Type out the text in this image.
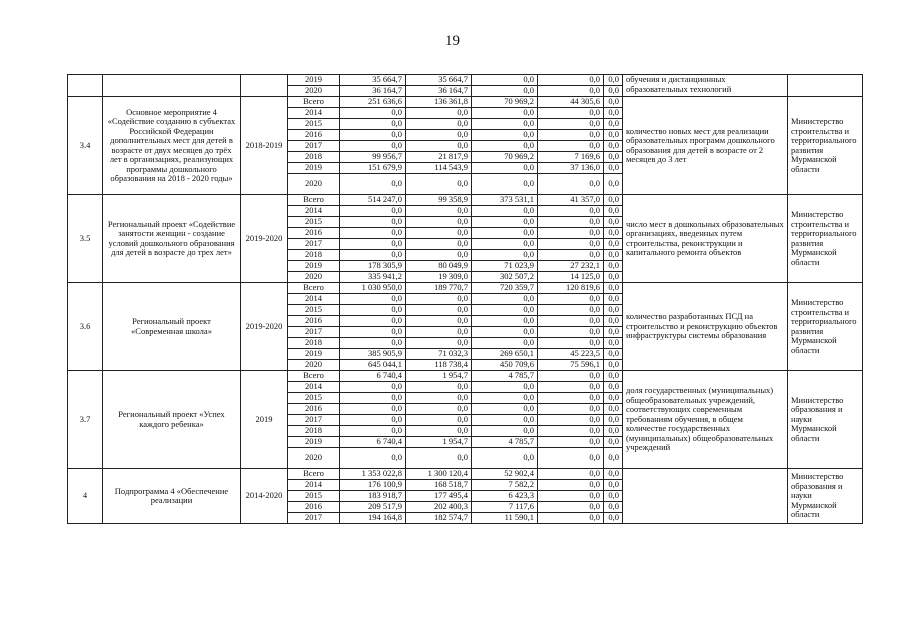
19
			2019	35 664,7	35 664,7	0,0	0,0	0,0	обучения и дистанционных образовательных технологий	
			2020	36 164,7	36 164,7	0,0	0,0	0,0		
3.4	Основное мероприятие 4 «Содействие созданию в субъектах Российской Федерации дополнительных мест для детей в возрасте от двух месяцев до трёх лет в организациях, реализующих программы дошкольного образования на 2018 - 2020 годы»	2018-2019	Всего	251 636,6	136 361,8	70 969,2	44 305,6	0,0	количество новых мест для реализации образовательных программ дошкольного образования для детей в возрасте от 2 месяцев до 3 лет	Министерство строительства и территориального развития Мурманской области
			2014	0,0	0,0	0,0	0,0	0,0		
			2015	0,0	0,0	0,0	0,0	0,0		
			2016	0,0	0,0	0,0	0,0	0,0		
			2017	0,0	0,0	0,0	0,0	0,0		
			2018	99 956,7	21 817,9	70 969,2	7 169,6	0,0		
			2019	151 679,9	114 543,9	0,0	37 136,0	0,0		
			2020	0,0	0,0	0,0	0,0	0,0		
3.5	Региональный проект «Содействие занятости женщин - создание условий дошкольного образования для детей в возрасте до трех лет»	2019-2020	Всего	514 247,0	99 358,9	373 531,1	41 357,0	0,0	число мест в дошкольных образовательных организациях, введенных путем строительства, реконструкции и капитального ремонта объектов	Министерство строительства и территориального развития Мурманской области
			2014	0,0	0,0	0,0	0,0	0,0		
			2015	0,0	0,0	0,0	0,0	0,0		
			2016	0,0	0,0	0,0	0,0	0,0		
			2017	0,0	0,0	0,0	0,0	0,0		
			2018	0,0	0,0	0,0	0,0	0,0		
			2019	178 305,9	80 049,9	71 023,9	27 232,1	0,0		
			2020	335 941,2	19 309,0	302 507,2	14 125,0	0,0		
3.6	Региональный проект «Современная школа»	2019-2020	Всего	1 030 950,0	189 770,7	720 359,7	120 819,6	0,0	количество разработанных ПСД на строительство и реконструкцию объектов инфраструктуры системы образования	Министерство строительства и территориального развития Мурманской области
			2014	0,0	0,0	0,0	0,0	0,0		
			2015	0,0	0,0	0,0	0,0	0,0		
			2016	0,0	0,0	0,0	0,0	0,0		
			2017	0,0	0,0	0,0	0,0	0,0		
			2018	0,0	0,0	0,0	0,0	0,0		
			2019	385 905,9	71 032,3	269 650,1	45 223,5	0,0		
			2020	645 044,1	118 738,4	450 709,6	75 596,1	0,0		
3.7	Региональный проект «Успех каждого ребенка»	2019	Всего	6 740,4	1 954,7	4 785,7	0,0	0,0	доля государственных (муниципальных) общеобразовательных учреждений, соответствующих современным требованиям обучения, в общем количестве государственных (муниципальных) общеобразовательных учреждений	Министерство образования и науки Мурманской области
			2014	0,0	0,0	0,0	0,0	0,0		
			2015	0,0	0,0	0,0	0,0	0,0		
			2016	0,0	0,0	0,0	0,0	0,0		
			2017	0,0	0,0	0,0	0,0	0,0		
			2018	0,0	0,0	0,0	0,0	0,0		
			2019	6 740,4	1 954,7	4 785,7	0,0	0,0		
			2020	0,0	0,0	0,0	0,0	0,0		
4	Подпрограмма 4 «Обеспечение реализации	2014-2020	Всего	1 353 022,8	1 300 120,4	52 902,4	0,0	0,0		Министерство образования и науки Мурманской области
			2014	176 100,9	168 518,7	7 582,2	0,0	0,0		
			2015	183 918,7	177 495,4	6 423,3	0,0	0,0		
			2016	209 517,9	202 400,3	7 117,6	0,0	0,0		
			2017	194 164,8	182 574,7	11 590,1	0,0	0,0		
